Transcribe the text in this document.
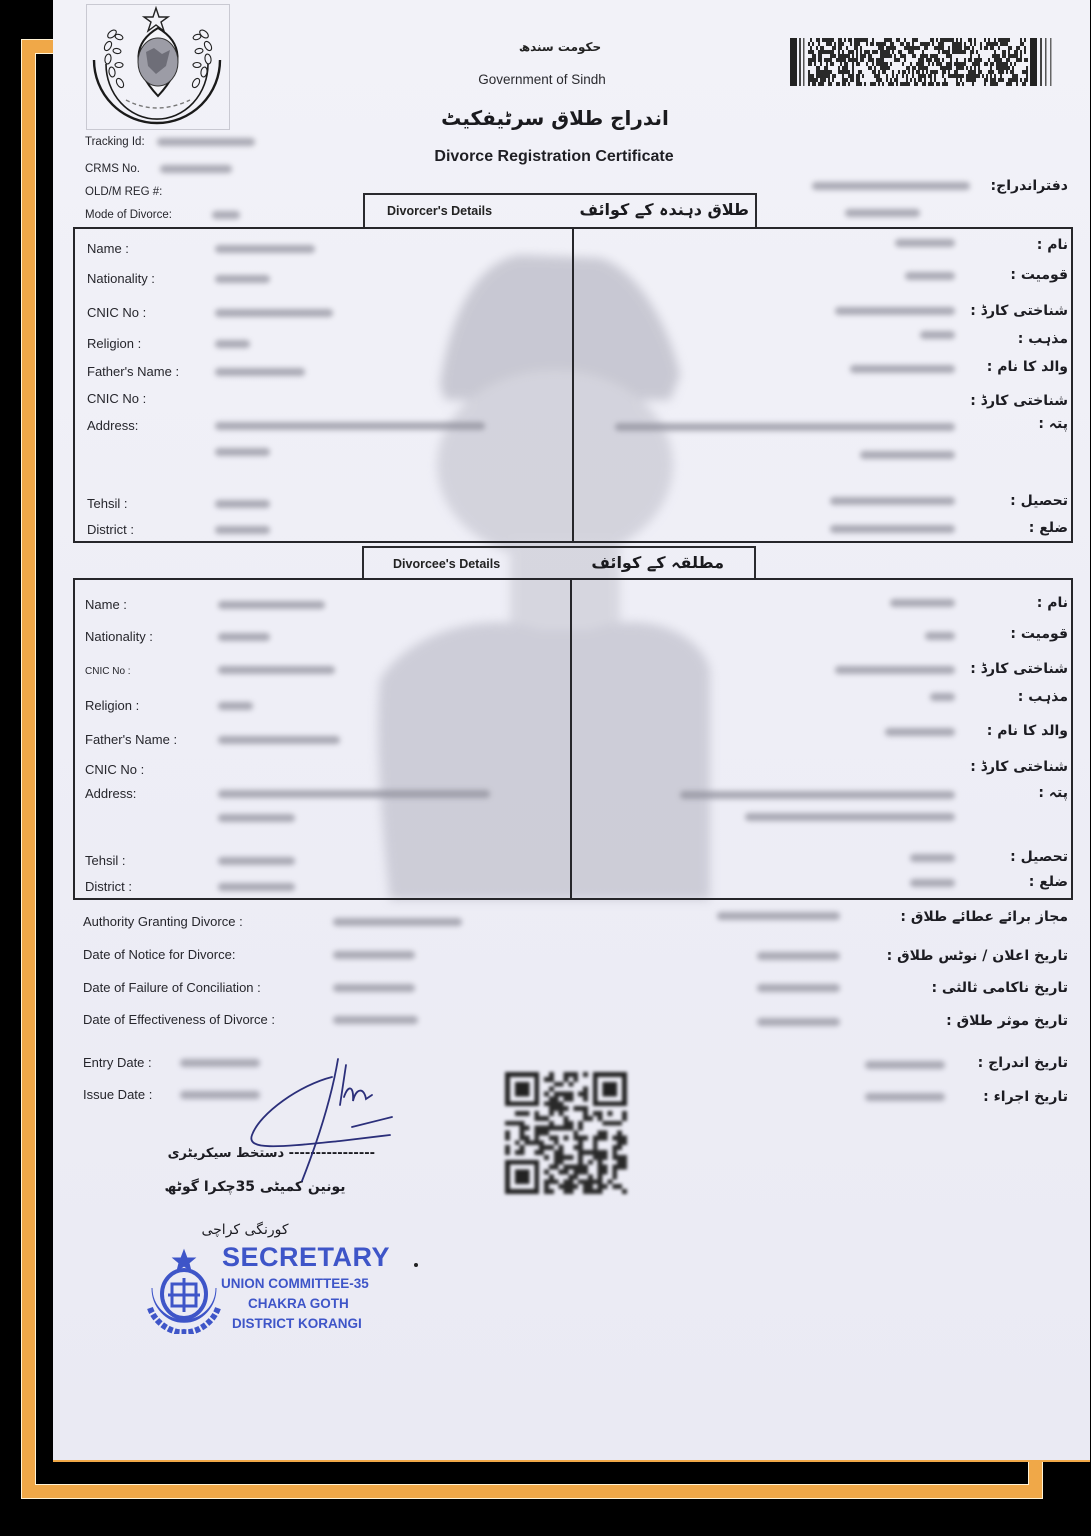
Tracking Id:
CRMS No.
OLD/M REG #:
Mode of Divorce:
حکومت سندھ
Government of Sindh
اندراج طلاق سرٹیفکیٹ
Divorce Registration Certificate
دفتراندراج:
Divorcer's Details	طلاق دہندہ کے کوائف
Name :
Nationality :
CNIC No :
Religion :
Father's Name :
CNIC No :
Address:
Tehsil :
District :
نام :
قومیت :
شناختی کارڈ :
مذہب :
والد کا نام :
شناختی کارڈ :
پتہ :
تحصیل :
ضلع :
Divorcee's Details	مطلقہ کے کوائف
Name :
Nationality :
CNIC No :
Religion :
Father's Name :
CNIC No :
Address:
Tehsil :
District :
نام :
قومیت :
شناختی کارڈ :
مذہب :
والد کا نام :
شناختی کارڈ :
پتہ :
تحصیل :
ضلع :
Authority Granting Divorce :
Date of Notice for Divorce:
Date of Failure of Conciliation :
Date of Effectiveness of Divorce :
مجاز برائے عطائے طلاق :
تاریخ اعلان / نوٹس طلاق :
تاریخ ناکامی ثالثی :
تاریخ موثر طلاق :
Entry Date :
Issue Date :
تاریخ اندراج :
تاریخ اجراء :
---------------- دستخط سیکریٹری
یونین کمیٹی 35چکرا گوٹھ
کورنگی کراچی
SECRETARY
UNION COMMITTEE-35
CHAKRA GOTH
DISTRICT KORANGI
